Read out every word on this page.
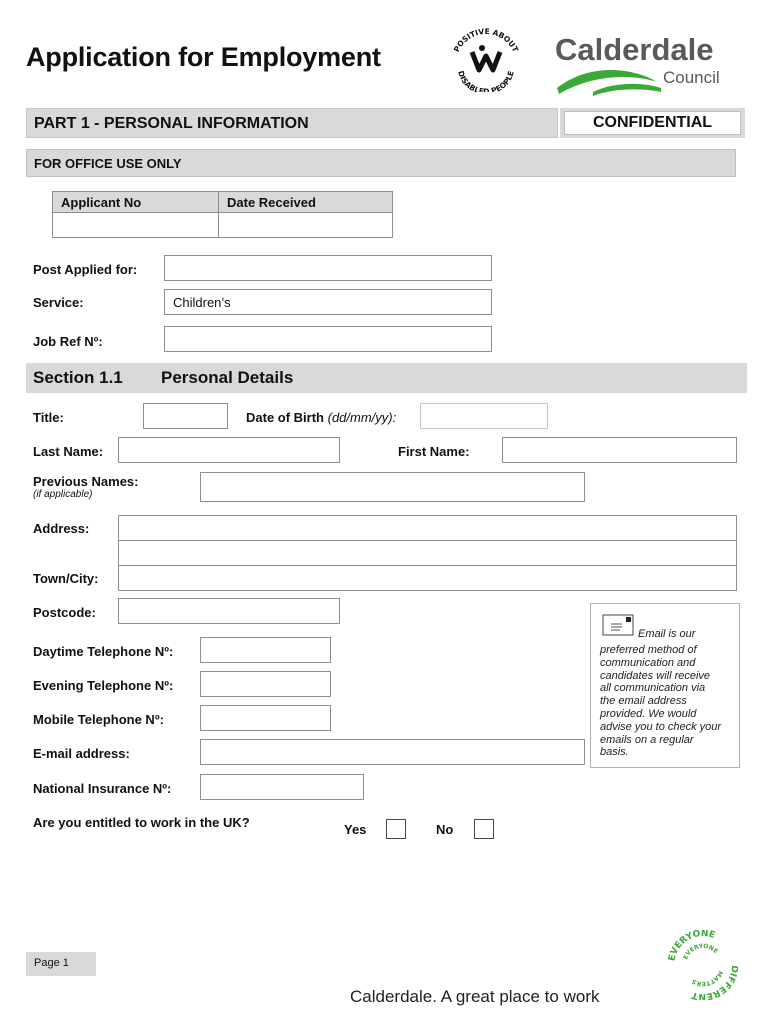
Application for Employment	POSITIVE ABOUT
DISABLED PEOPLE
Calderdale
Council
PART 1 - PERSONAL INFORMATION	CONFIDENTIAL
FOR OFFICE USE ONLY
Applicant No	Date Received
Post Applied for:
Service:	Children’s
Job Ref Nº:
Section 1.1 Personal Details
Title:	Date of Birth (dd/mm/yy):
Last Name:	First Name:
Previous Names:
(if applicable)
Address:
Town/City:
Postcode:
Daytime Telephone Nº:
Evening Telephone Nº:
Mobile Telephone Nº:
E-mail address:
National Insurance Nº:
Email is our
preferred method of
communication and
candidates will receive
all communication via
the email address
provided. We would
advise you to check your
emails on a regular
basis.
Are you entitled to work in the UK?	Yes	No
Page 1
Calderdale. A great place to work
EVERYONE
IFFERENT
EVERYONE
MATTERS
